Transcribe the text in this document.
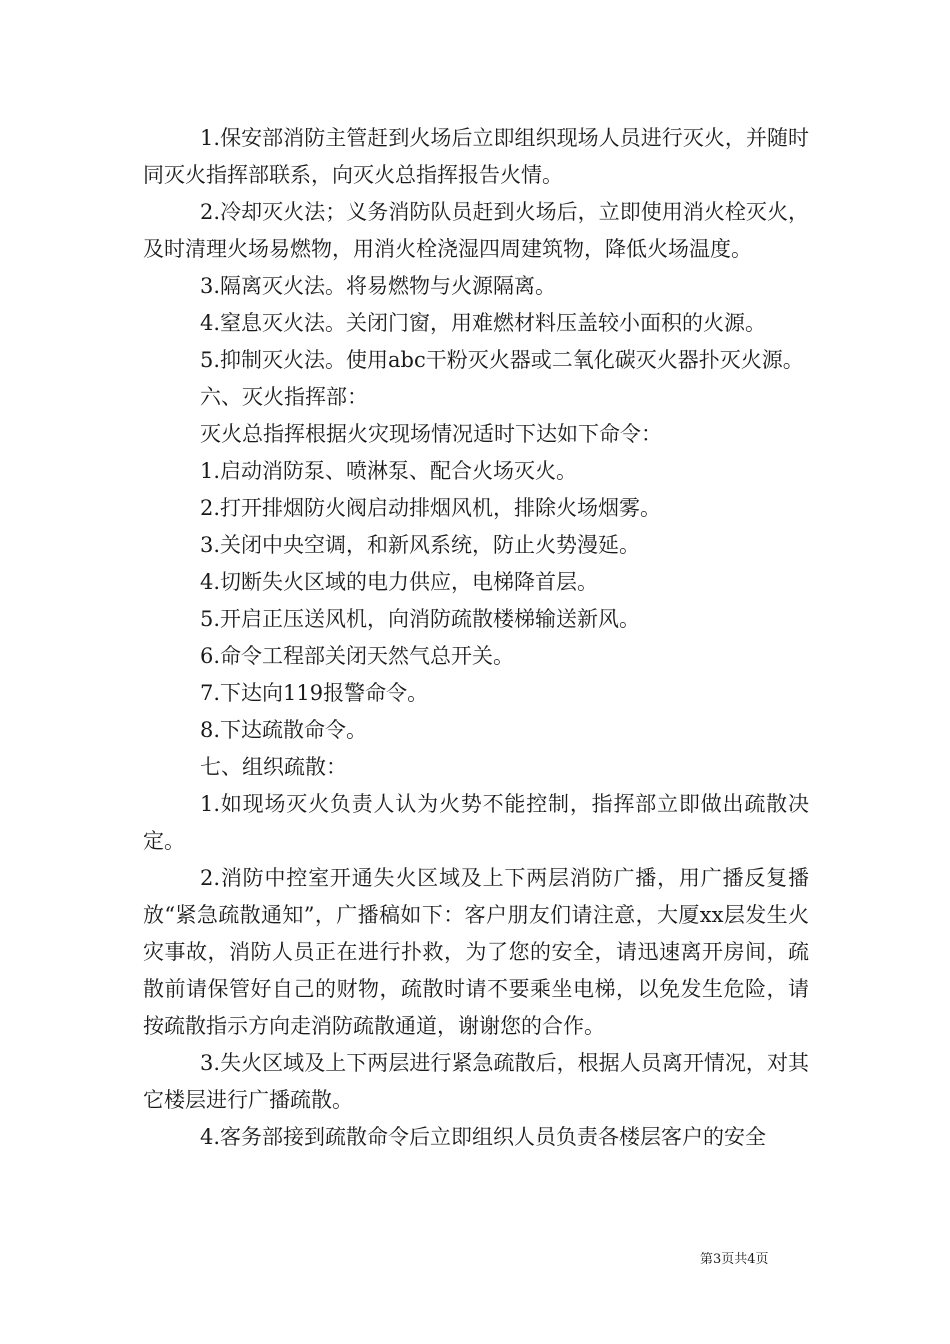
1.保安部消防主管赶到火场后立即组织现场人员进行灭火，并随时同灭火指挥部联系，向灭火总指挥报告火情。

2.冷却灭火法；义务消防队员赶到火场后，立即使用消火栓灭火，及时清理火场易燃物，用消火栓浇湿四周建筑物，降低火场温度。

3.隔离灭火法。将易燃物与火源隔离。

4.窒息灭火法。关闭门窗，用难燃材料压盖较小面积的火源。

5.抑制灭火法。使用abc干粉灭火器或二氧化碳灭火器扑灭火源。

六、灭火指挥部：

灭火总指挥根据火灾现场情况适时下达如下命令：

1.启动消防泵、喷淋泵、配合火场灭火。

2.打开排烟防火阀启动排烟风机，排除火场烟雾。

3.关闭中央空调，和新风系统，防止火势漫延。

4.切断失火区域的电力供应，电梯降首层。

5.开启正压送风机，向消防疏散楼梯输送新风。

6.命令工程部关闭天然气总开关。

7.下达向119报警命令。

8.下达疏散命令。

七、组织疏散：

1.如现场灭火负责人认为火势不能控制，指挥部立即做出疏散决定。

2.消防中控室开通失火区域及上下两层消防广播，用广播反复播放“紧急疏散通知”，广播稿如下：客户朋友们请注意，大厦xx层发生火灾事故，消防人员正在进行扑救，为了您的安全，请迅速离开房间，疏散前请保管好自己的财物，疏散时请不要乘坐电梯，以免发生危险，请按疏散指示方向走消防疏散通道，谢谢您的合作。

3.失火区域及上下两层进行紧急疏散后，根据人员离开情况，对其它楼层进行广播疏散。

4.客务部接到疏散命令后立即组织人员负责各楼层客户的安全

第3页共4页
